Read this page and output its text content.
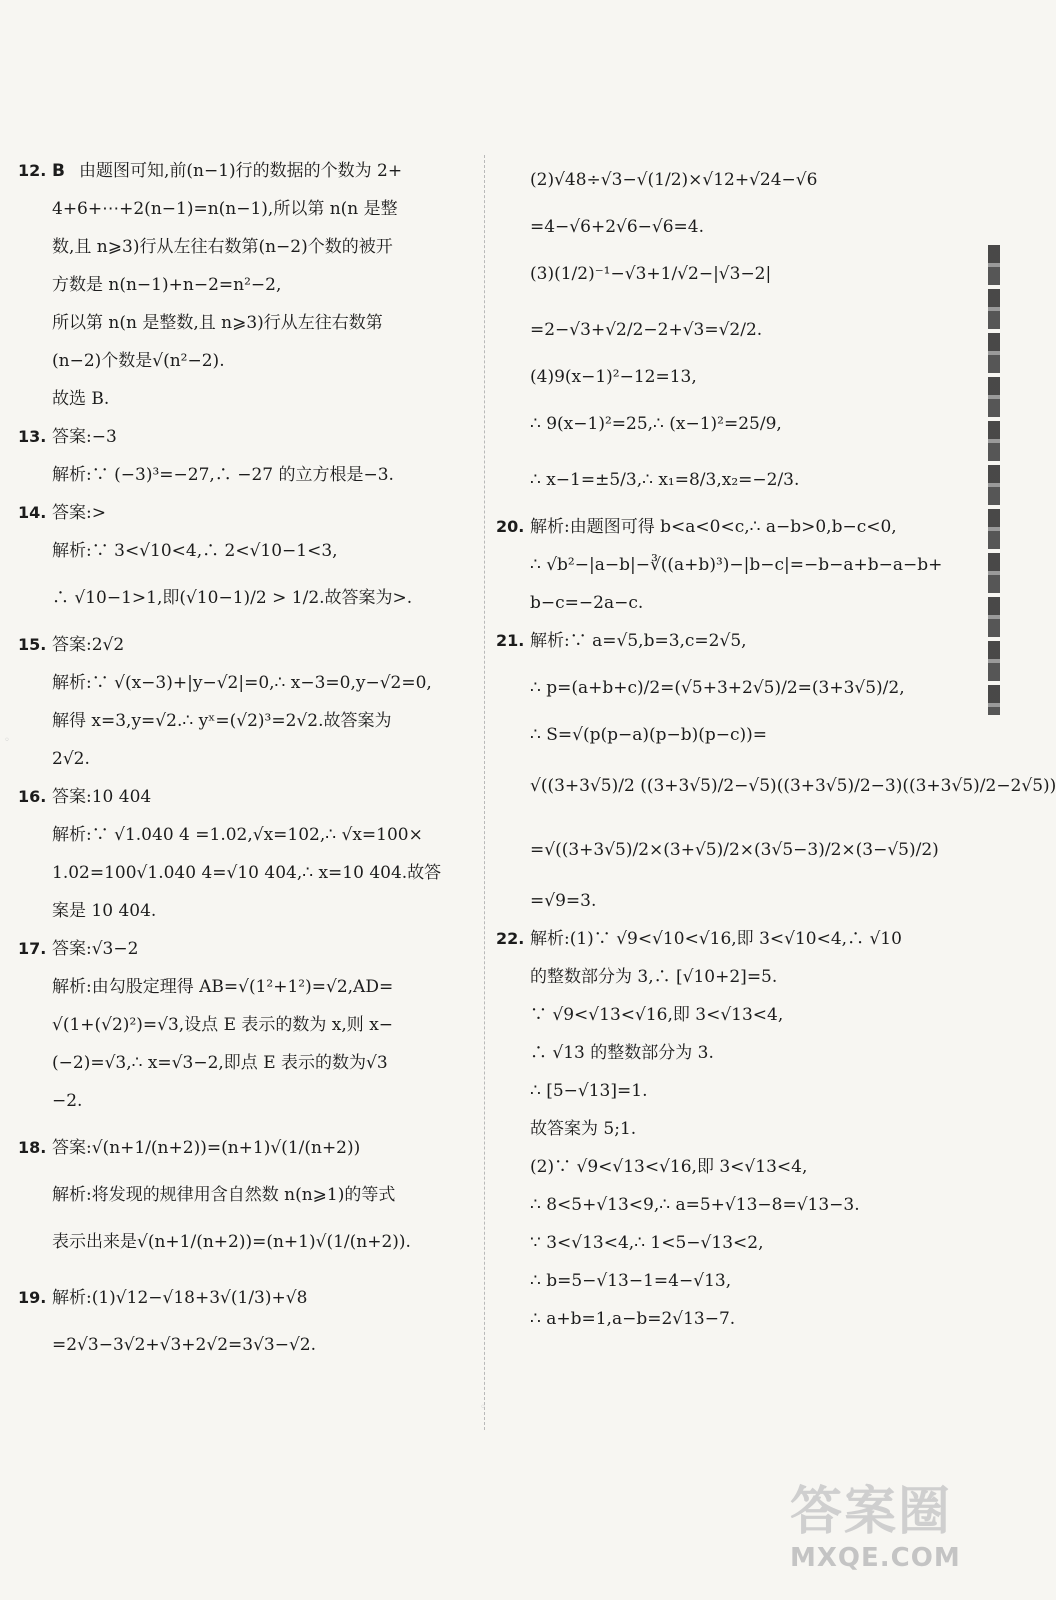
12. B 由题图可知,前(n−1)行的数据的个数为 2+
4+6+⋯+2(n−1)=n(n−1),所以第 n(n 是整
数,且 n⩾3)行从左往右数第(n−2)个数的被开
方数是 n(n−1)+n−2=n²−2,
所以第 n(n 是整数,且 n⩾3)行从左往右数第
(n−2)个数是√(n²−2).
故选 B.
13. 答案:−3
解析:∵ (−3)³=−27,∴ −27 的立方根是−3.
14. 答案:>
解析:∵ 3<√10<4,∴ 2<√10−1<3,
∴ √10−1>1,即(√10−1)/2 > 1/2.故答案为>.
15. 答案:2√2
解析:∵ √(x−3)+|y−√2|=0,∴ x−3=0,y−√2=0,
解得 x=3,y=√2.∴ yˣ=(√2)³=2√2.故答案为
2√2.
16. 答案:10 404
解析:∵ √1.040 4 =1.02,√x=102,∴ √x=100×
1.02=100√1.040 4=√10 404,∴ x=10 404.故答
案是 10 404.
17. 答案:√3−2
解析:由勾股定理得 AB=√(1²+1²)=√2,AD=
√(1+(√2)²)=√3,设点 E 表示的数为 x,则 x−
(−2)=√3,∴ x=√3−2,即点 E 表示的数为√3
−2.
18. 答案:√(n+1/(n+2))=(n+1)√(1/(n+2))
解析:将发现的规律用含自然数 n(n⩾1)的等式
表示出来是√(n+1/(n+2))=(n+1)√(1/(n+2)).
19. 解析:(1)√12−√18+3√(1/3)+√8
=2√3−3√2+√3+2√2=3√3−√2.
(2)√48÷√3−√(1/2)×√12+√24−√6
=4−√6+2√6−√6=4.
(3)(1/2)⁻¹−√3+1/√2−|√3−2|
=2−√3+√2/2−2+√3=√2/2.
(4)9(x−1)²−12=13,
∴ 9(x−1)²=25,∴ (x−1)²=25/9,
∴ x−1=±5/3,∴ x₁=8/3,x₂=−2/3.
20. 解析:由题图可得 b<a<0<c,∴ a−b>0,b−c<0,
∴ √b²−|a−b|−∛((a+b)³)−|b−c|=−b−a+b−a−b+
b−c=−2a−c.
21. 解析:∵ a=√5,b=3,c=2√5,
∴ p=(a+b+c)/2=(√5+3+2√5)/2=(3+3√5)/2,
∴ S=√(p(p−a)(p−b)(p−c))=
√((3+3√5)/2 ((3+3√5)/2−√5)((3+3√5)/2−3)((3+3√5)/2−2√5))
=√((3+3√5)/2×(3+√5)/2×(3√5−3)/2×(3−√5)/2)
=√9=3.
22. 解析:(1)∵ √9<√10<√16,即 3<√10<4,∴ √10
的整数部分为 3,∴ [√10+2]=5.
∵ √9<√13<√16,即 3<√13<4,
∴ √13 的整数部分为 3.
∴ [5−√13]=1.
故答案为 5;1.
(2)∵ √9<√13<√16,即 3<√13<4,
∴ 8<5+√13<9,∴ a=5+√13−8=√13−3.
∵ 3<√13<4,∴ 1<5−√13<2,
∴ b=5−√13−1=4−√13,
∴ a+b=1,a−b=2√13−7.
◦
◦
答案圈
MXQE.COM
